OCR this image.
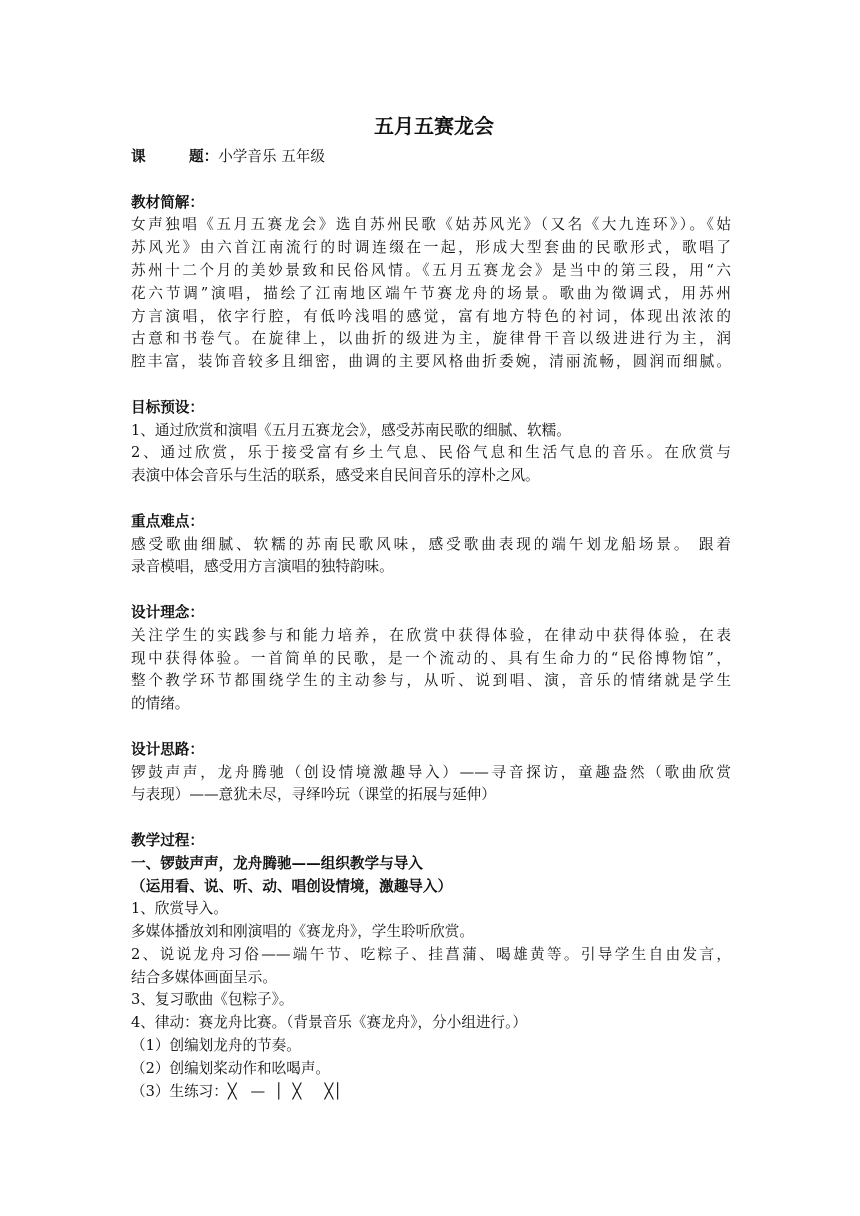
五月五赛龙会
课	题：小学音乐 五年级
教材简解：
女声独唱《五月五赛龙会》选自苏州民歌《姑苏风光》（又名《大九连环》）。《姑
苏风光》由六首江南流行的时调连缀在一起，形成大型套曲的民歌形式，歌唱了
苏州十二个月的美妙景致和民俗风情。《五月五赛龙会》是当中的第三段，用“六
花六节调”演唱，描绘了江南地区端午节赛龙舟的场景。歌曲为徵调式，用苏州
方言演唱，依字行腔，有低吟浅唱的感觉，富有地方特色的衬词，体现出浓浓的
古意和书卷气。在旋律上，以曲折的级进为主，旋律骨干音以级进进行为主，润
腔丰富，装饰音较多且细密，曲调的主要风格曲折委婉，清丽流畅，圆润而细腻。
目标预设：
1、通过欣赏和演唱《五月五赛龙会》，感受苏南民歌的细腻、软糯。
2、通过欣赏，乐于接受富有乡土气息、民俗气息和生活气息的音乐。在欣赏与
表演中体会音乐与生活的联系，感受来自民间音乐的淳朴之风。
重点难点：
感受歌曲细腻、软糯的苏南民歌风味，感受歌曲表现的端午划龙船场景。 跟着
录音模唱，感受用方言演唱的独特韵味。
设计理念：
关注学生的实践参与和能力培养，在欣赏中获得体验，在律动中获得体验，在表
现中获得体验。一首简单的民歌，是一个流动的、具有生命力的“民俗博物馆”，
整个教学环节都围绕学生的主动参与，从听、说到唱、演，音乐的情绪就是学生
的情绪。
设计思路：
锣鼓声声，龙舟腾驰（创设情境激趣导入）——寻音探访，童趣盎然（歌曲欣赏
与表现）——意犹未尽，寻绎吟玩（课堂的拓展与延伸）
教学过程：
一、锣鼓声声，龙舟腾驰——组织教学与导入
（运用看、说、听、动、唱创设情境，激趣导入）
1、欣赏导入。
多媒体播放刘和刚演唱的《赛龙舟》，学生聆听欣赏。
2、说说龙舟习俗——端午节、吃粽子、挂菖蒲、喝雄黄等。引导学生自由发言，
结合多媒体画面呈示。
3、复习歌曲《包粽子》。
4、律动：赛龙舟比赛。（背景音乐《赛龙舟》，分小组进行。）
（1）创编划龙舟的节奏。
（2）创编划桨动作和吆喝声。
（3）生练习：╳   —  │  ╳     ╳│
